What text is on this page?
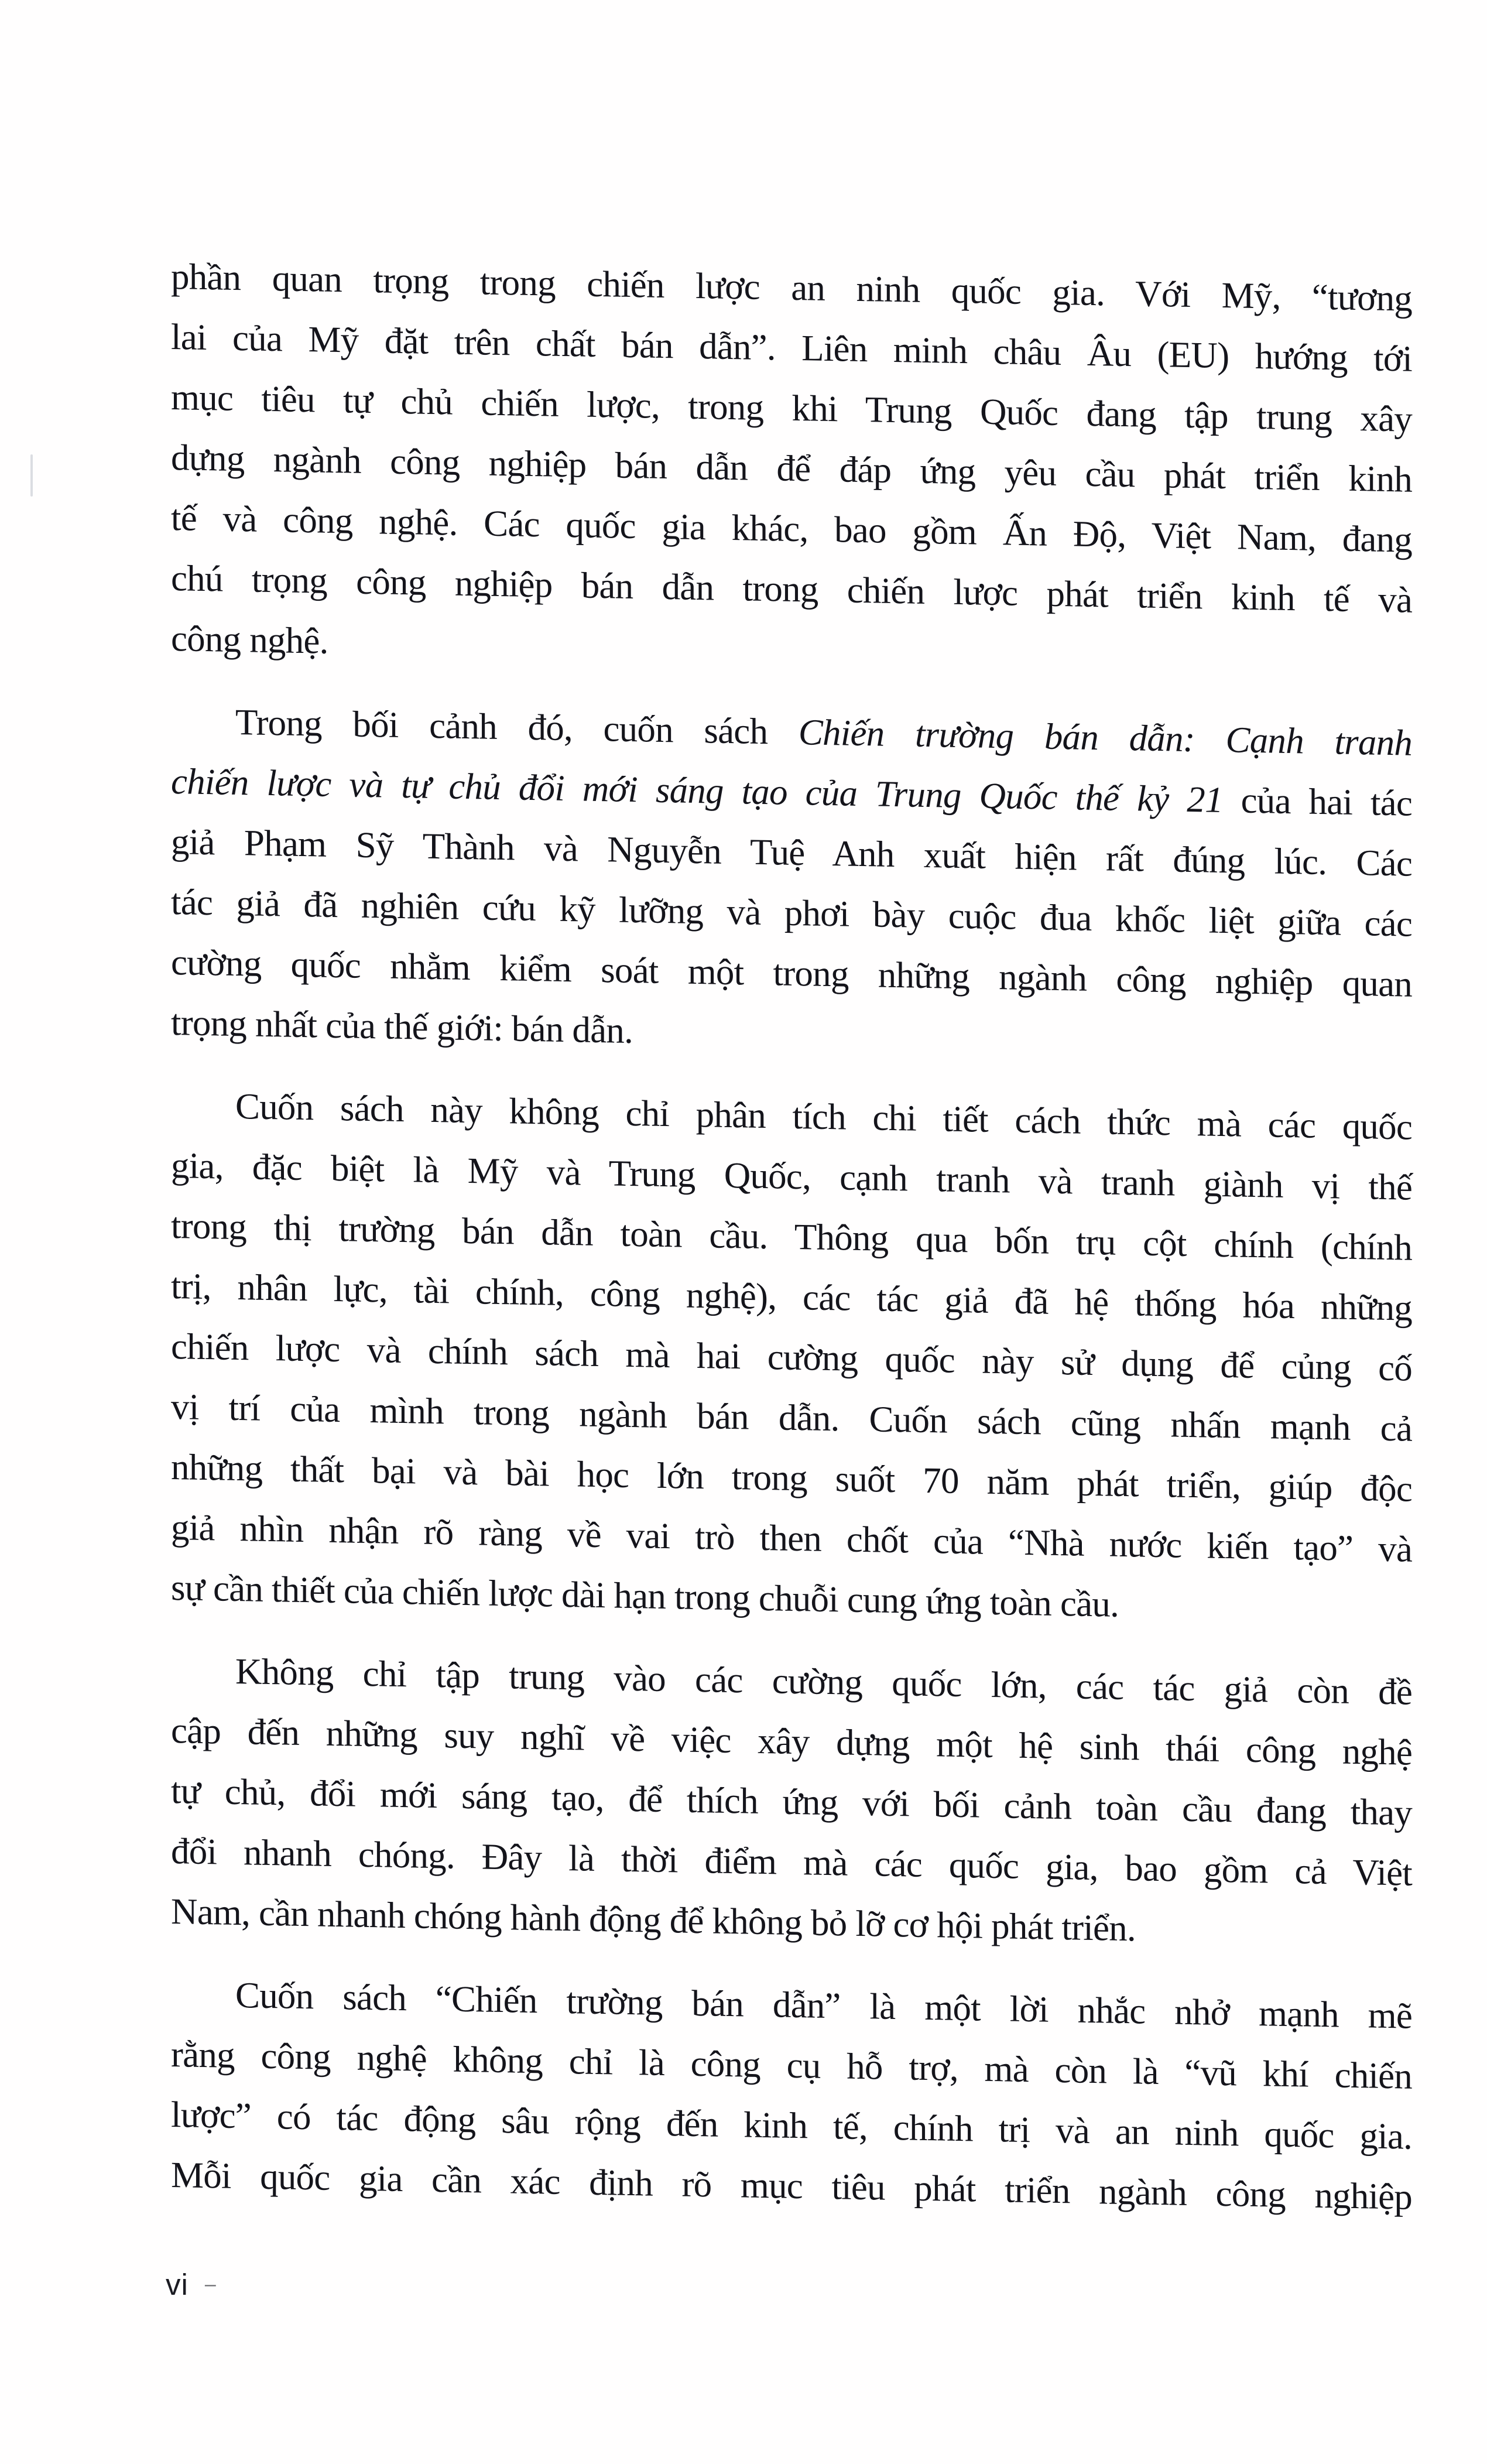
phần quan trọng trong chiến lược an ninh quốc gia. Với Mỹ, “tương
lai của Mỹ đặt trên chất bán dẫn”. Liên minh châu Âu (EU) hướng tới
mục tiêu tự chủ chiến lược, trong khi Trung Quốc đang tập trung xây
dựng ngành công nghiệp bán dẫn để đáp ứng yêu cầu phát triển kinh
tế và công nghệ. Các quốc gia khác, bao gồm Ấn Độ, Việt Nam, đang
chú trọng công nghiệp bán dẫn trong chiến lược phát triển kinh tế và
công nghệ.
Trong bối cảnh đó, cuốn sách Chiến trường bán dẫn: Cạnh tranh
chiến lược và tự chủ đổi mới sáng tạo của Trung Quốc thế kỷ 21 của hai tác
giả Phạm Sỹ Thành và Nguyễn Tuệ Anh xuất hiện rất đúng lúc. Các
tác giả đã nghiên cứu kỹ lưỡng và phơi bày cuộc đua khốc liệt giữa các
cường quốc nhằm kiểm soát một trong những ngành công nghiệp quan
trọng nhất của thế giới: bán dẫn.
Cuốn sách này không chỉ phân tích chi tiết cách thức mà các quốc
gia, đặc biệt là Mỹ và Trung Quốc, cạnh tranh và tranh giành vị thế
trong thị trường bán dẫn toàn cầu. Thông qua bốn trụ cột chính (chính
trị, nhân lực, tài chính, công nghệ), các tác giả đã hệ thống hóa những
chiến lược và chính sách mà hai cường quốc này sử dụng để củng cố
vị trí của mình trong ngành bán dẫn. Cuốn sách cũng nhấn mạnh cả
những thất bại và bài học lớn trong suốt 70 năm phát triển, giúp độc
giả nhìn nhận rõ ràng về vai trò then chốt của “Nhà nước kiến tạo” và
sự cần thiết của chiến lược dài hạn trong chuỗi cung ứng toàn cầu.
Không chỉ tập trung vào các cường quốc lớn, các tác giả còn đề
cập đến những suy nghĩ về việc xây dựng một hệ sinh thái công nghệ
tự chủ, đổi mới sáng tạo, để thích ứng với bối cảnh toàn cầu đang thay
đổi nhanh chóng. Đây là thời điểm mà các quốc gia, bao gồm cả Việt
Nam, cần nhanh chóng hành động để không bỏ lỡ cơ hội phát triển.
Cuốn sách “Chiến trường bán dẫn” là một lời nhắc nhở mạnh mẽ
rằng công nghệ không chỉ là công cụ hỗ trợ, mà còn là “vũ khí chiến
lược” có tác động sâu rộng đến kinh tế, chính trị và an ninh quốc gia.
Mỗi quốc gia cần xác định rõ mục tiêu phát triển ngành công nghiệp
vi –
